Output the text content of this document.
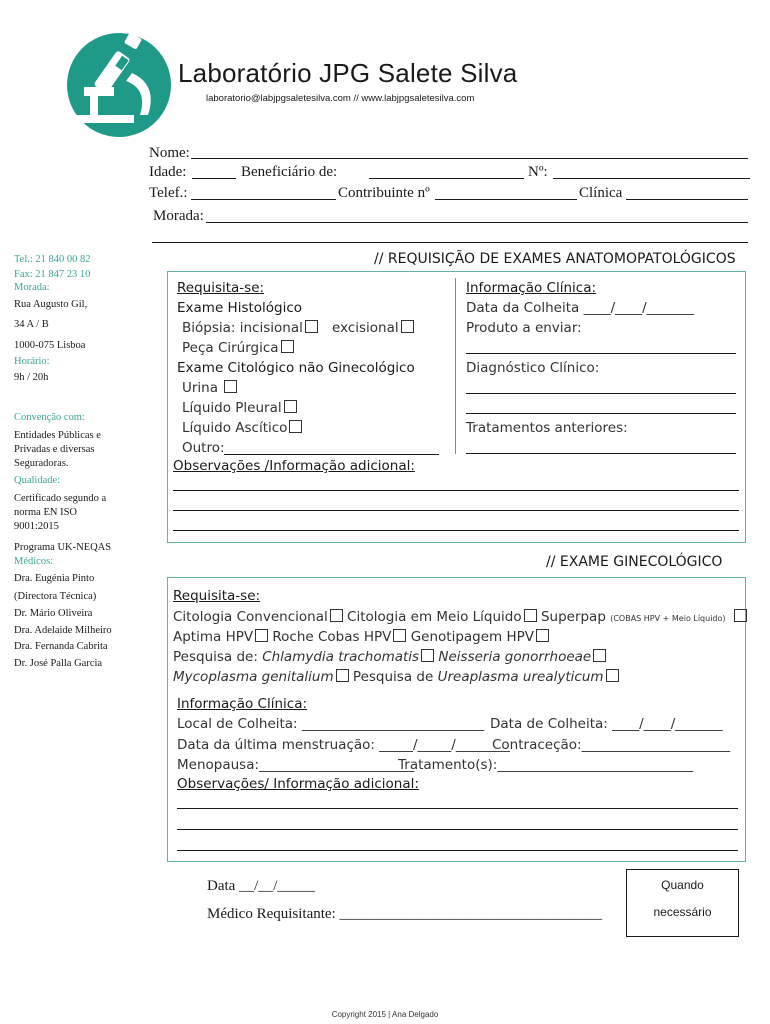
Laboratório JPG Salete Silva
laboratorio@labjpgsaletesilva.com // www.labjpgsaletesilva.com
Nome:
Idade:	Beneficiário de:	Nº:
Telef.:	Contribuinte nº	Clínica
Morada:
Tel.: 21 840 00 82
Fax: 21 847 23 10
Morada:
Rua Augusto Gil,
34 A / B
1000-075 Lisboa
Horário:
9h / 20h
Convenção com:
Entidades Públicas e Privadas e diversas Seguradoras.
Qualidade:
Certificado segundo a norma EN ISO 9001:2015
Programa UK-NEQAS
Médicos:
Dra. Eugénia Pinto
(Directora Técnica)
Dr. Mário Oliveira
Dra. Adelaide Milheiro
Dra. Fernanda Cabrita
Dr. José Palla Garcia
// REQUISIÇÃO DE EXAMES ANATOMOPATOLÓGICOS
Requisita-se:
Exame Histológico
Biópsia: incisional	excisional
Peça Cirúrgica
Exame Citológico não Ginecológico
Urina
Líquido Pleural
Líquido Ascítico
Outro:
Observações /Informação adicional:
Informação Clínica:
Data da Colheita ____/____/_______
Produto a enviar:
Diagnóstico Clínico:
Tratamentos anteriores:
// EXAME GINECOLÓGICO
Requisita-se:
Citologia Convencional Citologia em Meio Líquido Superpap (COBAS HPV + Meio Líquido)
Aptima HPV Roche Cobas HPV Genotipagem HPV
Pesquisa de: Chlamydia trachomatis Neisseria gonorrhoeae
Mycoplasma genitalium Pesquisa de Ureaplasma urealyticum
Informação Clínica:
Local de Colheita: ___________________________ Data de Colheita: ____/____/_______
Data da última menstruação: _____/_____/________
Contraceção:______________________
Menopausa:_______________________
Tratamento(s):_____________________________
Observações/ Informação adicional:
Data __/__/_____
Médico Requisitante: ___________________________________
Quando
necessário
Copyright 2015 | Ana Delgado
